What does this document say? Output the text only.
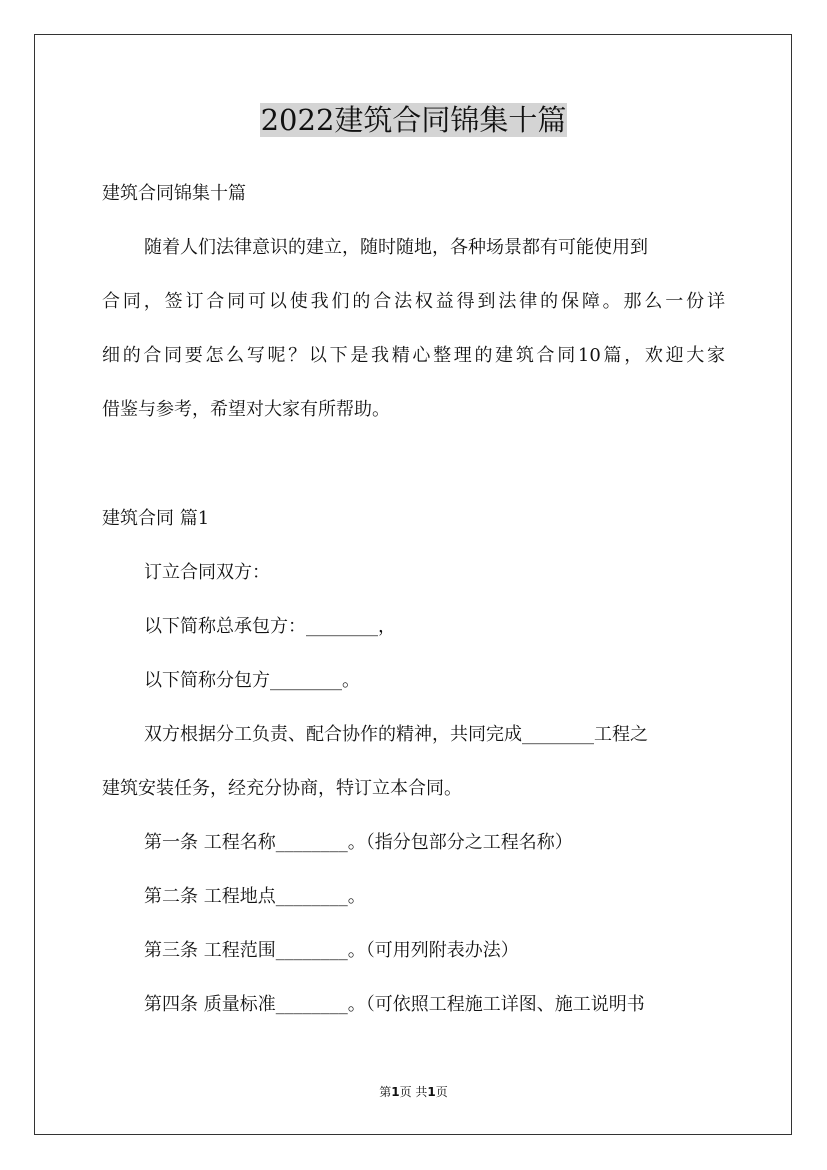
2022建筑合同锦集十篇

建筑合同锦集十篇

随着人们法律意识的建立，随时随地，各种场景都有可能使用到

合同，签订合同可以使我们的合法权益得到法律的保障。那么一份详

细的合同要怎么写呢？以下是我精心整理的建筑合同10篇，欢迎大家

借鉴与参考，希望对大家有所帮助。

建筑合同 篇1

订立合同双方：

以下简称总承包方：________，

以下简称分包方________。

双方根据分工负责、配合协作的精神，共同完成________工程之

建筑安装任务，经充分协商，特订立本合同。

第一条 工程名称________。（指分包部分之工程名称）

第二条 工程地点________。

第三条 工程范围________。（可用列附表办法）

第四条 质量标准________。（可依照工程施工详图、施工说明书

第1页 共1页
